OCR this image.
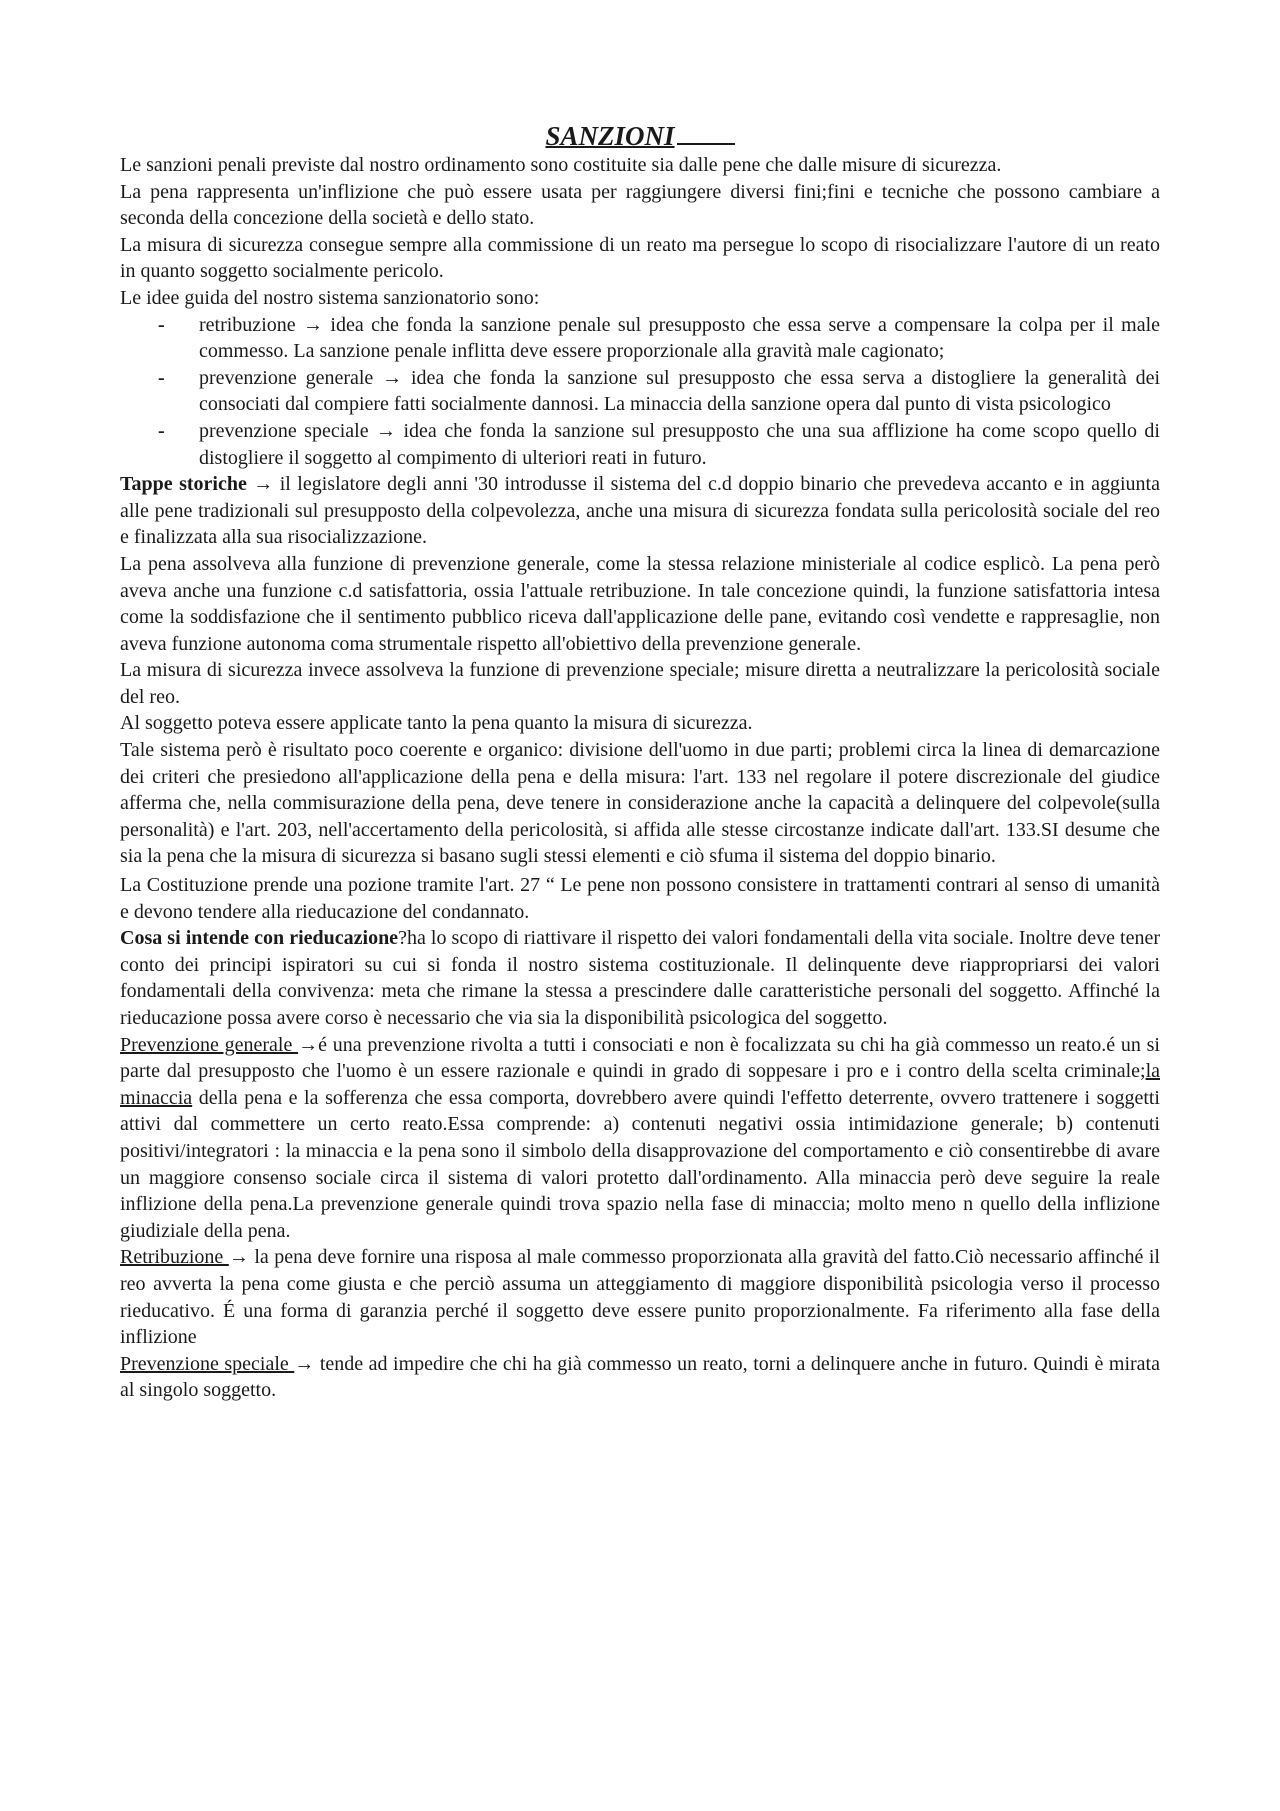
SANZIONI

Le sanzioni penali previste dal nostro ordinamento sono costituite sia dalle pene che dalle misure di sicurezza.

La pena rappresenta un'inflizione che può essere usata per raggiungere diversi fini;fini e tecniche che possono cambiare a seconda della concezione della società e dello stato.

La misura di sicurezza consegue sempre alla commissione di un reato ma persegue lo scopo di risocializzare l'autore di un reato in quanto soggetto socialmente pericolo.

Le idee guida del nostro sistema sanzionatorio sono:

- retribuzione → idea che fonda la sanzione penale sul presupposto che essa serve a compensare la colpa per il male commesso. La sanzione penale inflitta deve essere proporzionale alla gravità male cagionato;
- prevenzione generale → idea che fonda la sanzione sul presupposto che essa serva a distogliere la generalità dei consociati dal compiere fatti socialmente dannosi. La minaccia della sanzione opera dal punto di vista psicologico
- prevenzione speciale → idea che fonda la sanzione sul presupposto che una sua afflizione ha come scopo quello di distogliere il soggetto al compimento di ulteriori reati in futuro.

Tappe storiche → il legislatore degli anni '30 introdusse il sistema del c.d doppio binario che prevedeva accanto e in aggiunta alle pene tradizionali sul presupposto della colpevolezza, anche una misura di sicurezza fondata sulla pericolosità sociale del reo e finalizzata alla sua risocializzazione.

La pena assolveva alla funzione di prevenzione generale, come la stessa relazione ministeriale al codice esplicò. La pena però aveva anche una funzione c.d satisfattoria, ossia l'attuale retribuzione. In tale concezione quindi, la funzione satisfattoria intesa come la soddisfazione che il sentimento pubblico riceva dall'applicazione delle pane, evitando così vendette e rappresaglie, non aveva funzione autonoma coma strumentale rispetto all'obiettivo della prevenzione generale.

La misura di sicurezza invece assolveva la funzione di prevenzione speciale; misure diretta a neutralizzare la pericolosità sociale del reo.

Al soggetto poteva essere applicate tanto la pena quanto la misura di sicurezza.

Tale sistema però è risultato poco coerente e organico: divisione dell'uomo in due parti; problemi circa la linea di demarcazione dei criteri che presiedono all'applicazione della pena e della misura: l'art. 133 nel regolare il potere discrezionale del giudice afferma che, nella commisurazione della pena, deve tenere in considerazione anche la capacità a delinquere del colpevole(sulla personalità) e l'art. 203, nell'accertamento della pericolosità, si affida alle stesse circostanze indicate dall'art. 133.SI desume che sia la pena che la misura di sicurezza si basano sugli stessi elementi e ciò sfuma il sistema del doppio binario.

La Costituzione prende una pozione tramite l'art. 27 “ Le pene non possono consistere in trattamenti contrari al senso di umanità e devono tendere alla rieducazione del condannato.

Cosa si intende con rieducazione?ha lo scopo di riattivare il rispetto dei valori fondamentali della vita sociale. Inoltre deve tener conto dei principi ispiratori su cui si fonda il nostro sistema costituzionale. Il delinquente deve riappropriarsi dei valori fondamentali della convivenza: meta che rimane la stessa a prescindere dalle caratteristiche personali del soggetto. Affinché la rieducazione possa avere corso è necessario che via sia la disponibilità psicologica del soggetto.

Prevenzione generale →é una prevenzione rivolta a tutti i consociati e non è focalizzata su chi ha già commesso un reato.é un si parte dal presupposto che l'uomo è un essere razionale e quindi in grado di soppesare i pro e i contro della scelta criminale;la minaccia della pena e la sofferenza che essa comporta, dovrebbero avere quindi l'effetto deterrente, ovvero trattenere i soggetti attivi dal commettere un certo reato.Essa comprende: a) contenuti negativi ossia intimidazione generale; b) contenuti positivi/integratori : la minaccia e la pena sono il simbolo della disapprovazione del comportamento e ciò consentirebbe di avare un maggiore consenso sociale circa il sistema di valori protetto dall'ordinamento. Alla minaccia però deve seguire la reale inflizione della pena.La prevenzione generale quindi trova spazio nella fase di minaccia; molto meno n quello della inflizione giudiziale della pena.

Retribuzione → la pena deve fornire una risposa al male commesso proporzionata alla gravità del fatto.Ciò necessario affinché il reo avverta la pena come giusta e che perciò assuma un atteggiamento di maggiore disponibilità psicologia verso il processo rieducativo. É una forma di garanzia perché il soggetto deve essere punito proporzionalmente. Fa riferimento alla fase della inflizione

Prevenzione speciale → tende ad impedire che chi ha già commesso un reato, torni a delinquere anche in futuro. Quindi è mirata al singolo soggetto.
